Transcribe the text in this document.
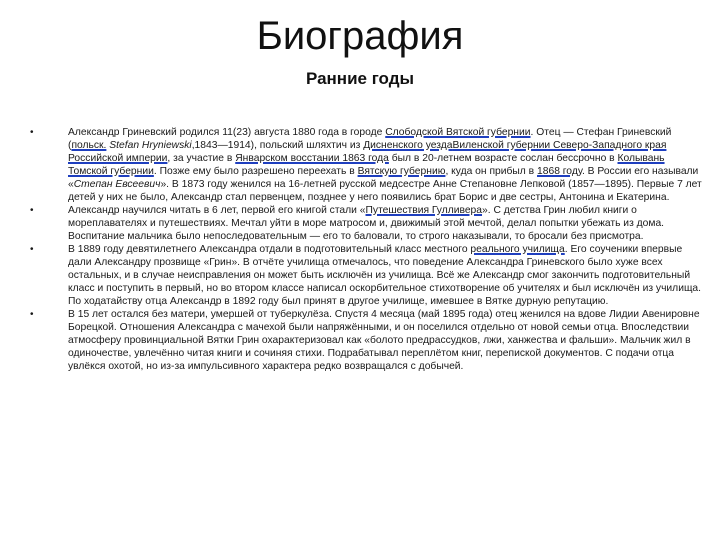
Биография
Ранние годы
•	Александр Гриневский родился 11(23) августа 1880 года в городе Слободской Вятской губернии. Отец — Стефан Гриневский (польск. Stefan Hryniewski,1843—1914), польский шляхтич из Дисненского уездаВиленской губернии Северо-Западного края Российской империи, за участие в Январском восстании 1863 года был в 20-летнем возрасте сослан бессрочно в Колывань Томской губернии. Позже ему было разрешено переехать в Вятскую губернию, куда он прибыл в 1868 году. В России его называли «Степан Евсеевич». В 1873 году женился на 16-летней русской медсестре Анне Степановне Лепковой (1857—1895). Первые 7 лет детей у них не было, Александр стал первенцем, позднее у него появились брат Борис и две сестры, Антонина и Екатерина.
•	Александр научился читать в 6 лет, первой его книгой стали «Путешествия Гулливера». С детства Грин любил книги о мореплавателях и путешествиях. Мечтал уйти в море матросом и, движимый этой мечтой, делал попытки убежать из дома. Воспитание мальчика было непоследовательным — его то баловали, то строго наказывали, то бросали без присмотра.
•	В 1889 году девятилетнего Александра отдали в подготовительный класс местного реального училища. Его соученики впервые дали Александру прозвище «Грин». В отчёте училища отмечалось, что поведение Александра Гриневского было хуже всех остальных, и в случае неисправления он может быть исключён из училища. Всё же Александр смог закончить подготовительный класс и поступить в первый, но во втором классе написал оскорбительное стихотворение об учителях и был исключён из училища. По ходатайству отца Александр в 1892 году был принят в другое училище, имевшее в Вятке дурную репутацию.
•	В 15 лет остался без матери, умершей от туберкулёза. Спустя 4 месяца (май 1895 года) отец женился на вдове Лидии Авенировне Борецкой. Отношения Александра с мачехой были напряжёнными, и он поселился отдельно от новой семьи отца. Впоследствии атмосферу провинциальной Вятки Грин охарактеризовал как «болото предрассудков, лжи, ханжества и фальши». Мальчик жил в одиночестве, увлечённо читая книги и сочиняя стихи. Подрабатывал переплётом книг, перепиской документов. С подачи отца увлёкся охотой, но из-за импульсивного характера редко возвращался с добычей.
